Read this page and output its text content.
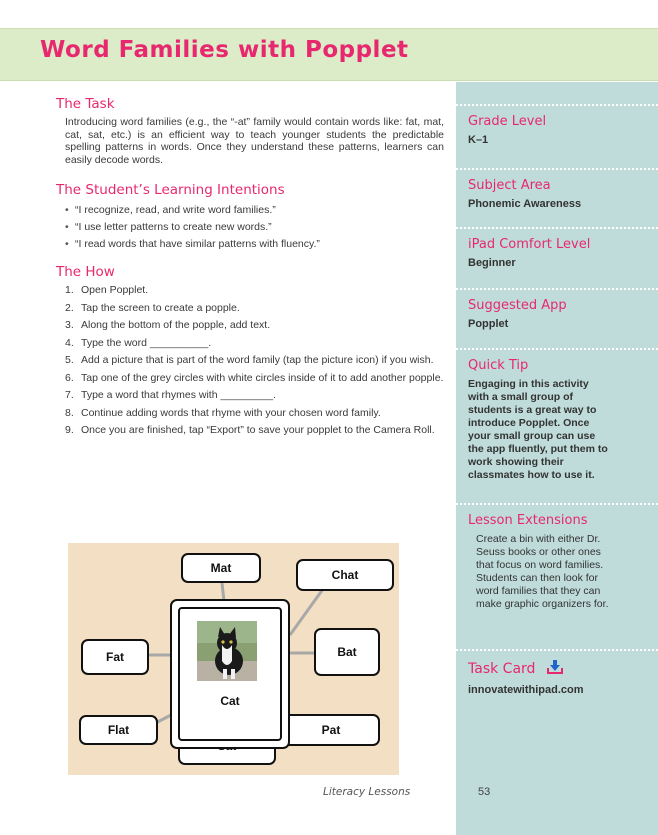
Word Families with Popplet
The Task

Introducing word families (e.g., the “-at” family would contain words like: fat, mat, cat, sat, etc.) is an efficient way to teach younger students the predictable spelling patterns in words. Once they understand these patterns, learners can easily decode words.

The Student’s Learning Intentions
• “I recognize, read, and write word families.”
• “I use letter patterns to create new words.”
• “I read words that have similar patterns with fluency.”
The How
1. Open Popplet.
2. Tap the screen to create a popple.
3. Along the bottom of the popple, add text.
4. Type the word __________.
5. Add a picture that is part of the word family (tap the picture icon) if you wish.
6. Tap one of the grey circles with white circles inside of it to add another popple.
7. Type a word that rhymes with _________.
8. Continue adding words that rhyme with your chosen word family.
9. Once you are finished, tap “Export” to save your popplet to the Camera Roll.
Mat	Chat
Fat	Bat
Flat	Pat
Cat
Grade Level
K–1
Subject Area
Phonemic Awareness
iPad Comfort Level
Beginner
Suggested App
Popplet
Quick Tip
Engaging in this activity with a small group of students is a great way to introduce Popplet. Once your small group can use the app fluently, put them to work showing their classmates how to use it.
Lesson Extensions
Create a bin with either Dr. Seuss books or other ones that focus on word families. Students can then look for word families that they can make graphic organizers for.
Task Card
innovatewithipad.com
Literacy Lessons	53
